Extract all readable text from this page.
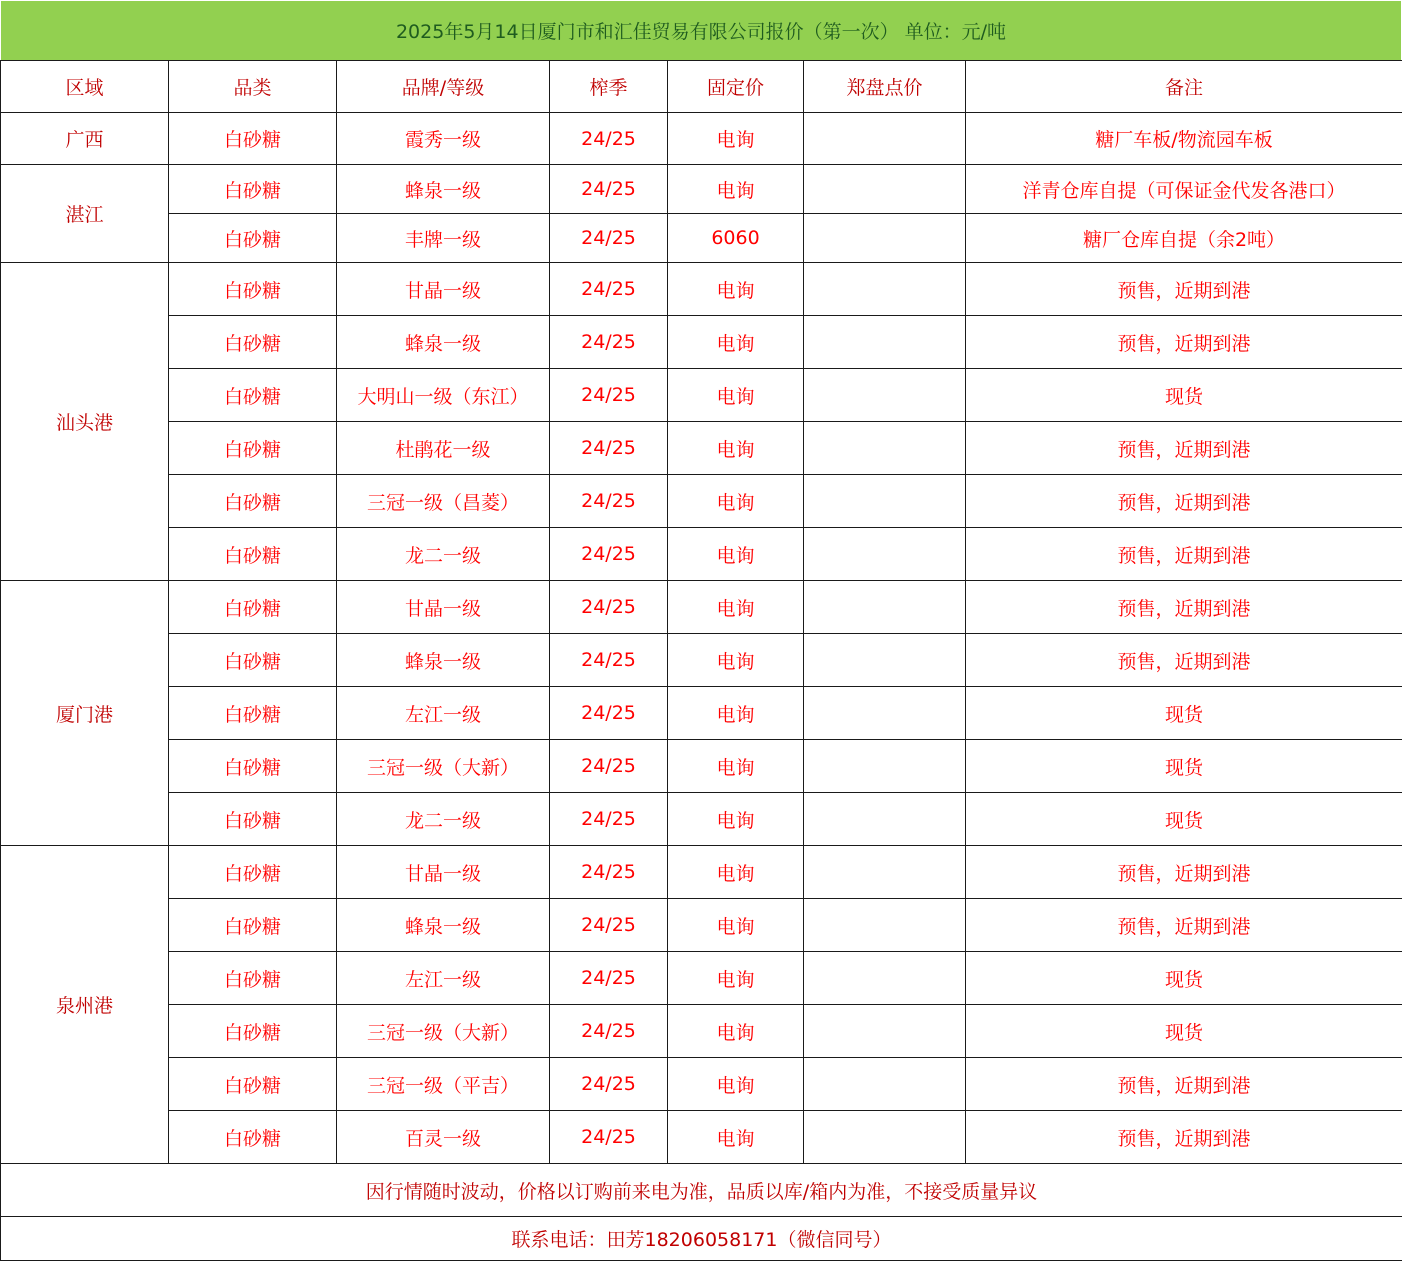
2025年5月14日厦门市和汇佳贸易有限公司报价（第一次） 单位：元/吨
区域	品类	品牌/等级	榨季	固定价	郑盘点价	备注
广西	白砂糖	霞秀一级	24/25	电询		糖厂车板/物流园车板
湛江	白砂糖	蜂泉一级	24/25	电询		洋青仓库自提（可保证金代发各港口）
	白砂糖	丰牌一级	24/25	6060		糖厂仓库自提（余2吨）
汕头港	白砂糖	甘晶一级	24/25	电询		预售，近期到港
	白砂糖	蜂泉一级	24/25	电询		预售，近期到港
	白砂糖	大明山一级（东江）	24/25	电询		现货
	白砂糖	杜鹃花一级	24/25	电询		预售，近期到港
	白砂糖	三冠一级（昌菱）	24/25	电询		预售，近期到港
	白砂糖	龙二一级	24/25	电询		预售，近期到港
厦门港	白砂糖	甘晶一级	24/25	电询		预售，近期到港
	白砂糖	蜂泉一级	24/25	电询		预售，近期到港
	白砂糖	左江一级	24/25	电询		现货
	白砂糖	三冠一级（大新）	24/25	电询		现货
	白砂糖	龙二一级	24/25	电询		现货
泉州港	白砂糖	甘晶一级	24/25	电询		预售，近期到港
	白砂糖	蜂泉一级	24/25	电询		预售，近期到港
	白砂糖	左江一级	24/25	电询		现货
	白砂糖	三冠一级（大新）	24/25	电询		现货
	白砂糖	三冠一级（平吉）	24/25	电询		预售，近期到港
	白砂糖	百灵一级	24/25	电询		预售，近期到港
因行情随时波动，价格以订购前来电为准，品质以库/箱内为准，不接受质量异议						
联系电话：田芳18206058171（微信同号）						
